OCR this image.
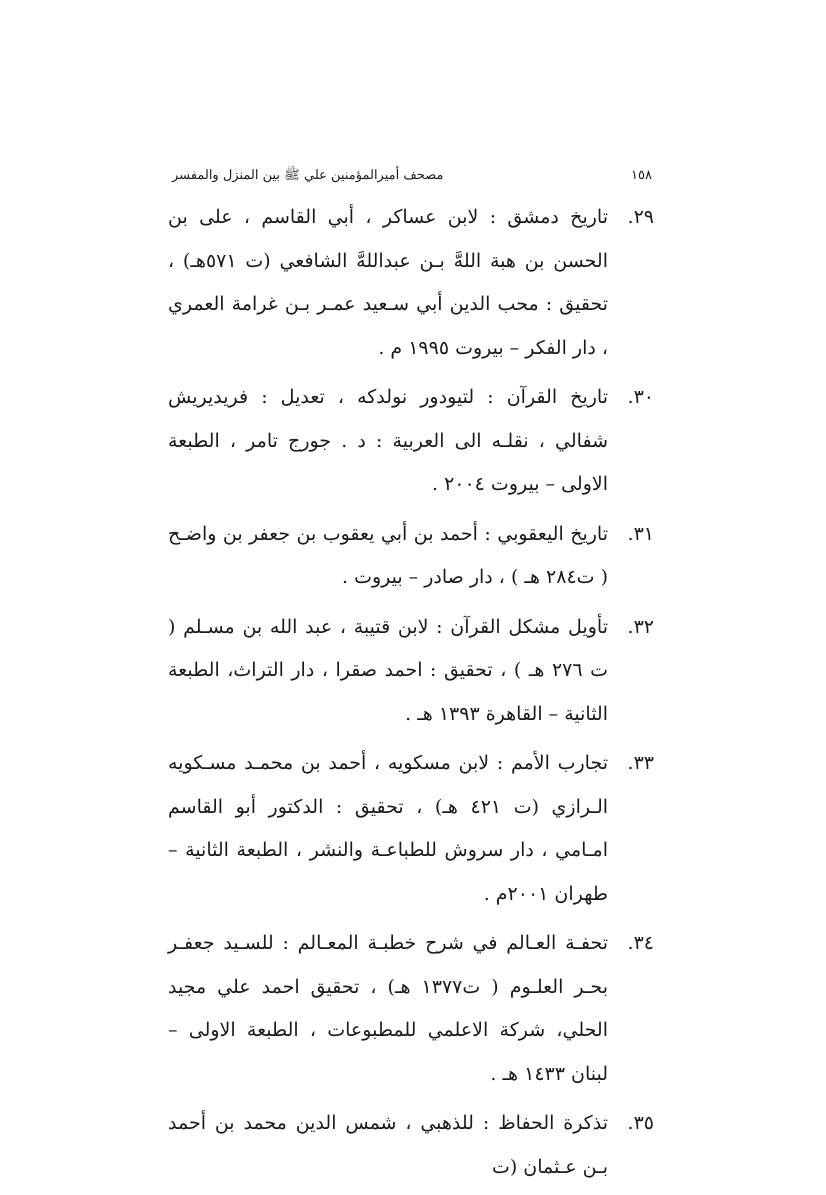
١٥٨
مصحف أميرالمؤمنين علي ﷺ بين المنزل والمفسر
٢٩.
تاريخ دمشق : لابن عساكر ، أبي القاسم ، على بن الحسن بن هبة اللهَّ بـن عبداللهَّ الشافعي (ت ٥٧١هـ) ، تحقيق : محب الدين أبي سـعيد عمـر بـن غرامة العمري ، دار الفكر – بيروت ١٩٩٥ م .
٣٠.
تاريخ القرآن : لتيودور نولدكه ، تعديل : فريديريش شفالي ، نقلـه الى العربية : د . جورج تامر ، الطبعة الاولى – بيروت ٢٠٠٤ .
٣١.
تاريخ اليعقوبي : أحمد بن أبي يعقوب بن جعفر بن واضـح ( ت٢٨٤ هـ ) ، دار صادر – بيروت .
٣٢.
تأويل مشكل القرآن : لابن قتيبة ، عبد الله بن مسـلم ( ت ٢٧٦ هـ ) ، تحقيق : احمد صقرا ، دار التراث، الطبعة الثانية – القاهرة ١٣٩٣ هـ .
٣٣.
تجارب الأمم : لابن مسكويه ، أحمد بن محمـد مسـكويه الـرازي (ت ٤٢١ هـ) ، تحقيق : الدكتور أبو القاسم امـامي ، دار سروش للطباعـة والنشر ، الطبعة الثانية – طهران ٢٠٠١م .
٣٤.
تحفـة العـالم في شرح خطبـة المعـالم : للسـيد جعفـر بحـر العلـوم ( ت١٣٧٧ هـ) ، تحقيق احمد علي مجيد الحلي، شركة الاعلمي للمطبوعات ، الطبعة الاولى – لبنان ١٤٣٣ هـ .
٣٥.
تذكرة الحفاظ : للذهبي ، شمس الدين محمد بن أحمد بـن عـثمان (ت
